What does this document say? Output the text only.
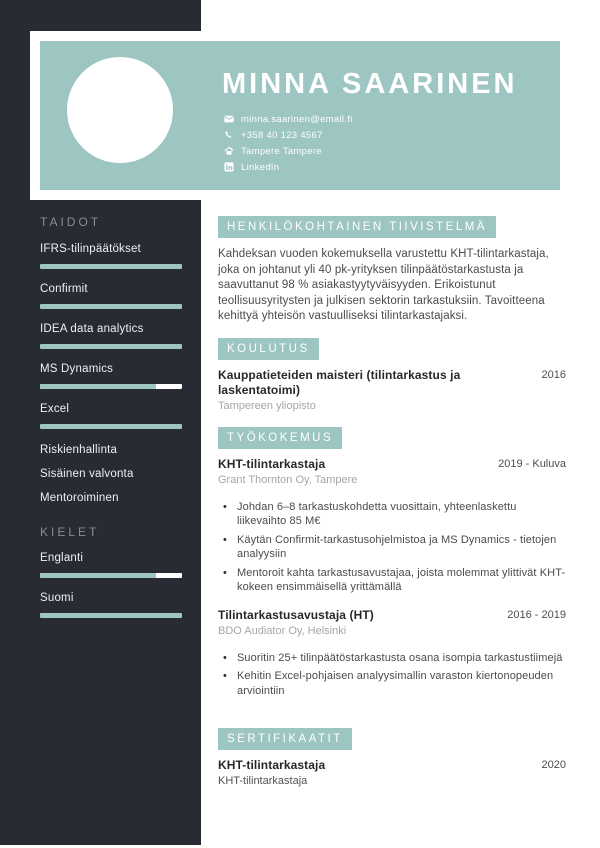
TAIDOT
IFRS-tilinpäätökset
Confirmit
IDEA data analytics
MS Dynamics
Excel
Riskienhallinta
Sisäinen valvonta
Mentoroiminen
KIELET
Englanti
Suomi
MINNA SAARINEN
minna.saarinen@email.fi
+358 40 123 4567
Tampere Tampere
LinkedIn
HENKILÖKOHTAINEN TIIVISTELMÄ
Kahdeksan vuoden kokemuksella varustettu KHT-tilintarkastaja, joka on johtanut yli 40 pk-yrityksen tilinpäätöstarkastusta ja saavuttanut 98 % asiakastyytyväisyyden. Erikoistunut teollisuusyritysten ja julkisen sektorin tarkastuksiin. Tavoitteena kehittyä yhteisön vastuulliseksi tilintarkastajaksi.
KOULUTUS
Kauppatieteiden maisteri (tilintarkastus ja laskentatoimi)
2016
Tampereen yliopisto
TYÖKOKEMUS
KHT-tilintarkastaja	2019 - Kuluva
Grant Thornton Oy, Tampere
• Johdan 6–8 tarkastuskohdetta vuosittain, yhteenlaskettu liikevaihto 85 M€
• Käytän Confirmit-tarkastusohjelmistoa ja MS Dynamics - tietojen analyysiin
• Mentoroit kahta tarkastusavustajaa, joista molemmat ylittivät KHT-kokeen ensimmäisellä yrittämällä
Tilintarkastusavustaja (HT)	2016 - 2019
BDO Audiator Oy, Helsinki
• Suoritin 25+ tilinpäätöstarkastusta osana isompia tarkastustiimejä
• Kehitin Excel-pohjaisen analyysimallin varaston kiertonopeuden arviointiin
SERTIFIKAATIT
KHT-tilintarkastaja	2020
KHT-tilintarkastaja
